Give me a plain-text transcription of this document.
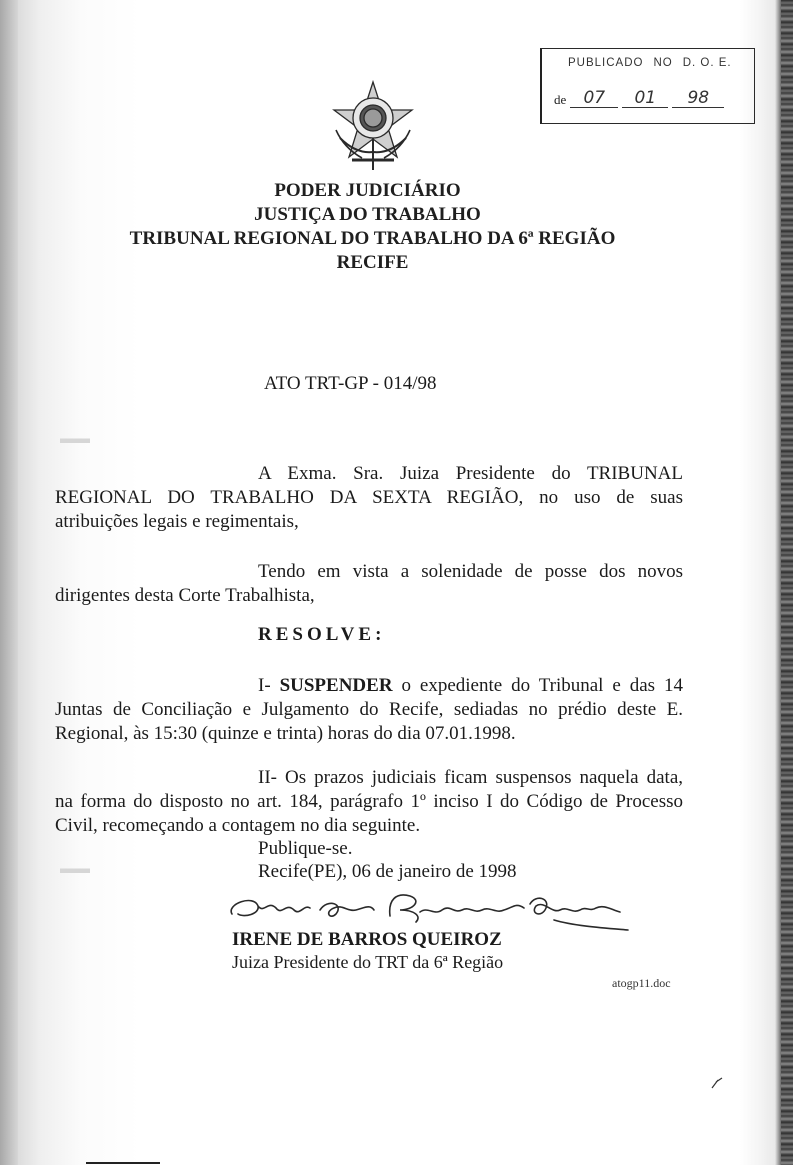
▬▬
▬▬
PUBLICADO NO D. O. E.
de	07	01	98
PODER JUDICIÁRIO
JUSTIÇA DO TRABALHO
TRIBUNAL REGIONAL DO TRABALHO DA 6ª REGIÃO
RECIFE
ATO TRT-GP - 014/98
A Exma. Sra. Juiza Presidente do TRIBUNAL
REGIONAL DO TRABALHO DA SEXTA REGIÃO, no uso de suas
atribuições legais e regimentais,
Tendo em vista a solenidade de posse dos novos
dirigentes desta Corte Trabalhista,
RESOLVE:
I- SUSPENDER o expediente do Tribunal e das 14
Juntas de Conciliação e Julgamento do Recife, sediadas no prédio deste E.
Regional, às 15:30 (quinze e trinta) horas do dia 07.01.1998.
II- Os prazos judiciais ficam suspensos naquela data,
na forma do disposto no art. 184, parágrafo 1º inciso I do Código de Processo
Civil, recomeçando a contagem no dia seguinte.
Publique-se.
Recife(PE), 06 de janeiro de 1998
IRENE DE BARROS QUEIROZ
Juiza Presidente do TRT da 6ª Região
atogp11.doc
